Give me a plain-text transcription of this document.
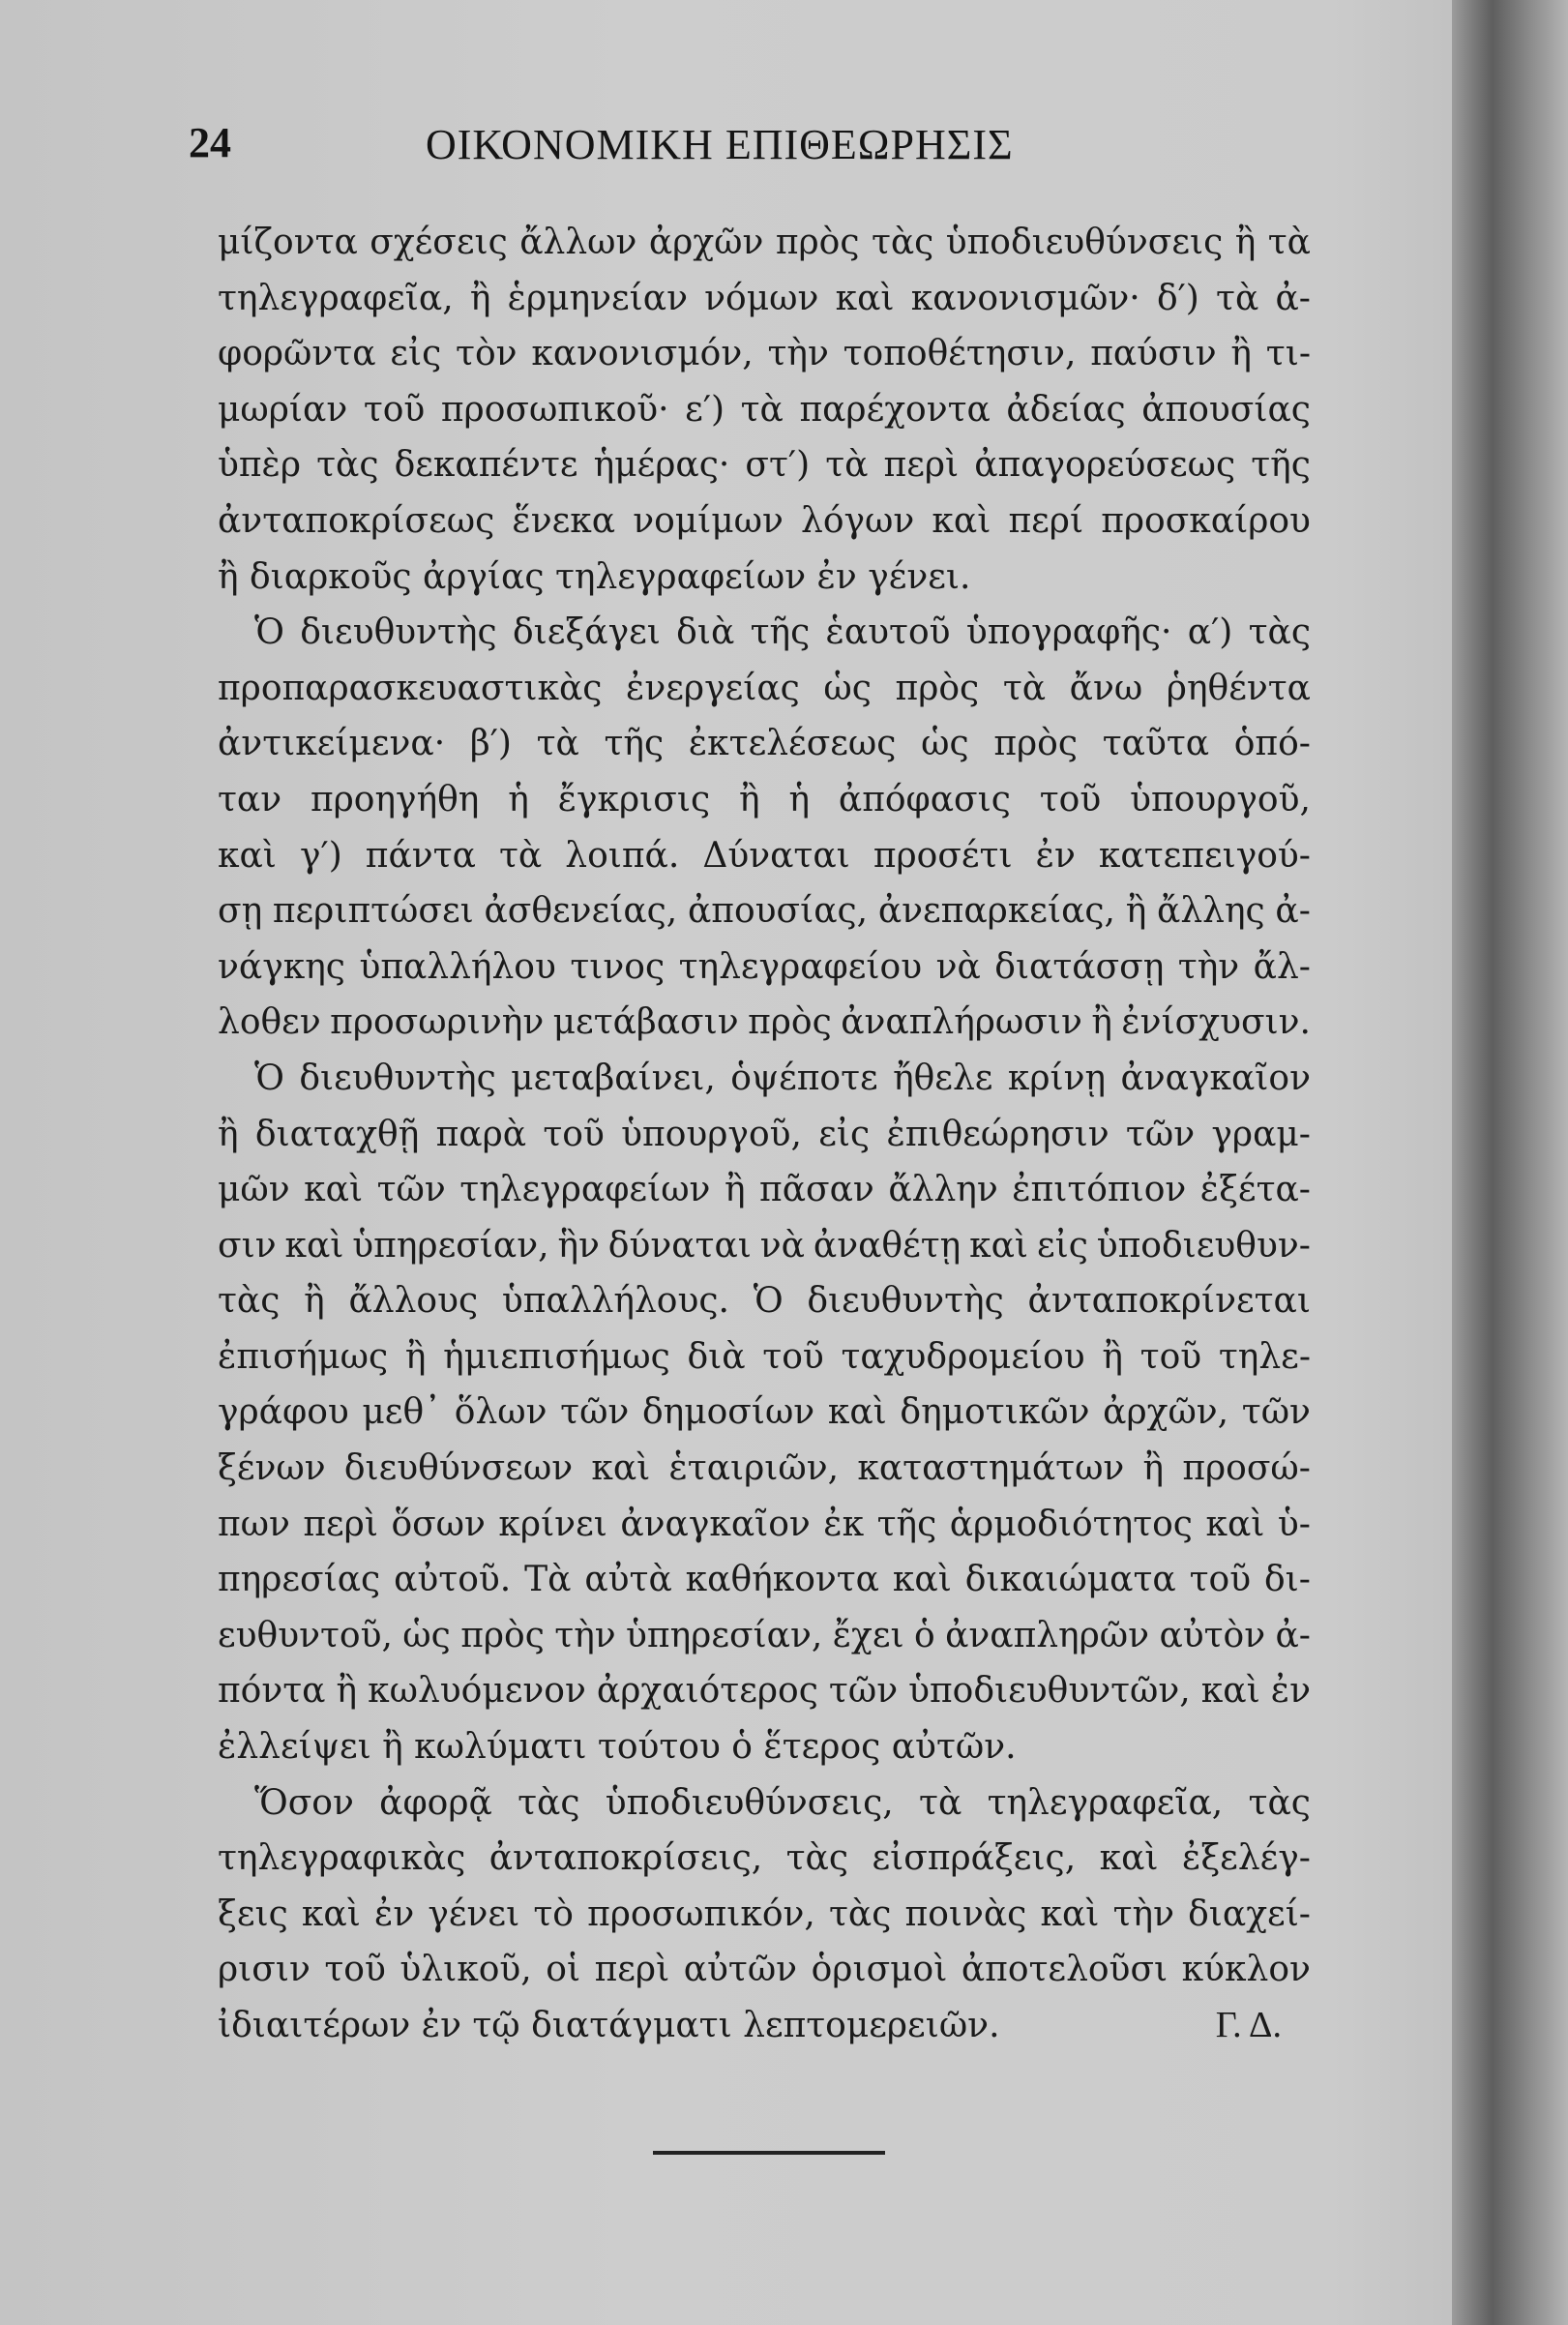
24	ΟΙΚΟΝΟΜΙΚΗ ΕΠΙΘΕΩΡΗΣΙΣ
μίζοντα σχέσεις ἄλλων ἀρχῶν πρὸς τὰς ὑποδιευθύνσεις ἢ τὰ
τηλεγραφεῖα, ἢ ἑρμηνείαν νόμων καὶ κανονισμῶν· δ′) τὰ ἀ-
φορῶντα εἰς τὸν κανονισμόν, τὴν τοποθέτησιν, παύσιν ἢ τι-
μωρίαν τοῦ προσωπικοῦ· ε′) τὰ παρέχοντα ἀδείας ἀπουσίας
ὑπὲρ τὰς δεκαπέντε ἡμέρας· στ′) τὰ περὶ ἀπαγορεύσεως τῆς
ἀνταποκρίσεως ἕνεκα νομίμων λόγων καὶ περί προσκαίρου
ἢ διαρκοῦς ἀργίας τηλεγραφείων ἐν γένει.
Ὁ διευθυντὴς διεξάγει διὰ τῆς ἑαυτοῦ ὑπογραφῆς· α′) τὰς
προπαρασκευαστικὰς ἐνεργείας ὡς πρὸς τὰ ἄνω ῥηθέντα
ἀντικείμενα· β′) τὰ τῆς ἐκτελέσεως ὡς πρὸς ταῦτα ὁπό-
ταν προηγήθη ἡ ἔγκρισις ἢ ἡ ἀπόφασις τοῦ ὑπουργοῦ,
καὶ γ′) πάντα τὰ λοιπά. Δύναται προσέτι ἐν κατεπειγού-
σῃ περιπτώσει ἀσθενείας, ἀπουσίας, ἀνεπαρκείας, ἢ ἄλλης ἀ-
νάγκης ὑπαλλήλου τινος τηλεγραφείου νὰ διατάσσῃ τὴν ἄλ-
λοθεν προσωρινὴν μετάβασιν πρὸς ἀναπλήρωσιν ἢ ἐνίσχυσιν.
Ὁ διευθυντὴς μεταβαίνει, ὁψέποτε ἤθελε κρίνῃ ἀναγκαῖον
ἢ διαταχθῇ παρὰ τοῦ ὑπουργοῦ, εἰς ἐπιθεώρησιν τῶν γραμ-
μῶν καὶ τῶν τηλεγραφείων ἢ πᾶσαν ἄλλην ἐπιτόπιον ἐξέτα-
σιν καὶ ὑπηρεσίαν, ἣν δύναται νὰ ἀναθέτῃ καὶ εἰς ὑποδιευθυν-
τὰς ἢ ἄλλους ὑπαλλήλους. Ὁ διευθυντὴς ἀνταποκρίνεται
ἐπισήμως ἢ ἡμιεπισήμως διὰ τοῦ ταχυδρομείου ἢ τοῦ τηλε-
γράφου μεθ᾽ ὅλων τῶν δημοσίων καὶ δημοτικῶν ἀρχῶν, τῶν
ξένων διευθύνσεων καὶ ἑταιριῶν, καταστημάτων ἢ προσώ-
πων περὶ ὅσων κρίνει ἀναγκαῖον ἐκ τῆς ἁρμοδιότητος καὶ ὑ-
πηρεσίας αὐτοῦ. Τὰ αὐτὰ καθήκοντα καὶ δικαιώματα τοῦ δι-
ευθυντοῦ, ὡς πρὸς τὴν ὑπηρεσίαν, ἔχει ὁ ἀναπληρῶν αὐτὸν ἀ-
πόντα ἢ κωλυόμενον ἀρχαιότερος τῶν ὑποδιευθυντῶν, καὶ ἐν
ἐλλείψει ἢ κωλύματι τούτου ὁ ἕτερος αὐτῶν.
Ὅσον ἀφορᾷ τὰς ὑποδιευθύνσεις, τὰ τηλεγραφεῖα, τὰς
τηλεγραφικὰς ἀνταποκρίσεις, τὰς εἰσπράξεις, καὶ ἐξελέγ-
ξεις καὶ ἐν γένει τὸ προσωπικόν, τὰς ποινὰς καὶ τὴν διαχεί-
ρισιν τοῦ ὑλικοῦ, οἱ περὶ αὐτῶν ὁρισμοὶ ἀποτελοῦσι κύκλον
ἰδιαιτέρων ἐν τῷ διατάγματι λεπτομερειῶν.	Γ. Δ.
